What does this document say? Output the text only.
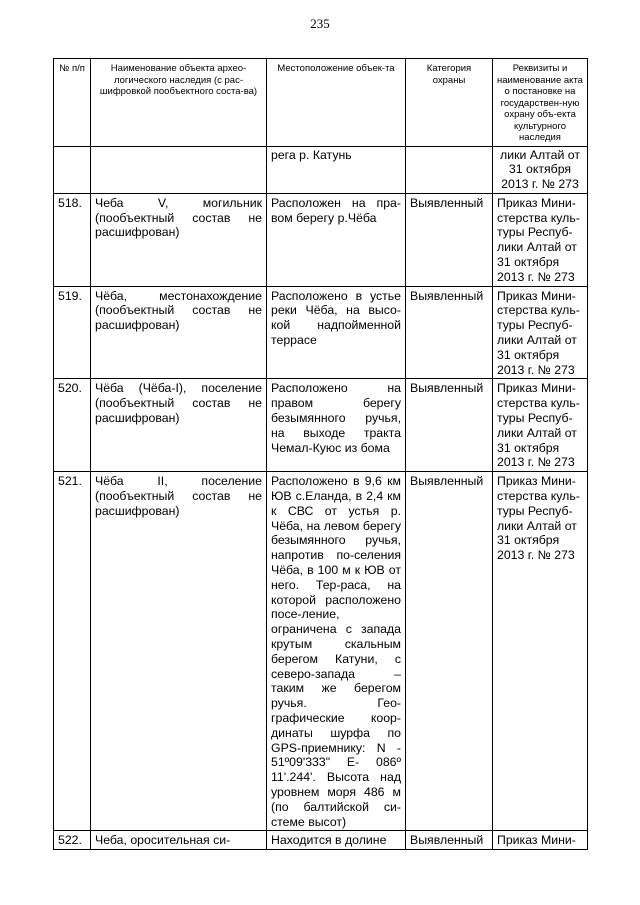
235
№ п/п	Наименование объекта архео-логического наследия (с рас-шифровкой пообъектного соста-ва)	Местоположение объек-та	Категория охраны	Реквизиты и наименование акта о постановке на государствен-ную охрану объ-екта культурного наследия
		рега р. Катунь		лики Алтай от 31 октября 2013 г. № 273
518.	Чеба V, могильник (пообъектный состав не расшифрован)	Расположен на пра-вом берегу р.Чёба	Выявленный	Приказ Мини-стерства куль-туры Респуб-лики Алтай от 31 октября 2013 г. № 273
519.	Чёба, местонахождение (пообъектный состав не расшифрован)	Расположено в устье реки Чёба, на высо-кой надпойменной террасе	Выявленный	Приказ Мини-стерства куль-туры Респуб-лики Алтай от 31 октября 2013 г. № 273
520.	Чёба (Чёба-I), поселение (пообъектный состав не расшифрован)	Расположено на правом берегу безымянного ручья, на выходе тракта Чемал-Куюс из бома	Выявленный	Приказ Мини-стерства куль-туры Респуб-лики Алтай от 31 октября 2013 г. № 273
521.	Чёба II, поселение (пообъектный состав не расшифрован)	Расположено в 9,6 км ЮВ с.Еланда, в 2,4 км к СВС от устья р. Чёба, на левом берегу безымянного ручья, напротив по-селения Чёба, в 100 м к ЮВ от него. Тер-раса, на которой расположено посе-ление, ограничена с запада крутым скальным берегом Катуни, с северо-запада – таким же берегом ручья. Гео-графические коор-динаты шурфа по GPS-приемнику: N - 51º09'333" E- 086º 11'.244'. Высота над уровнем моря 486 м (по балтийской си-стеме высот)	Выявленный	Приказ Мини-стерства куль-туры Респуб-лики Алтай от 31 октября 2013 г. № 273
522.	Чеба, оросительная си-	Находится в долине	Выявленный	Приказ Мини-
